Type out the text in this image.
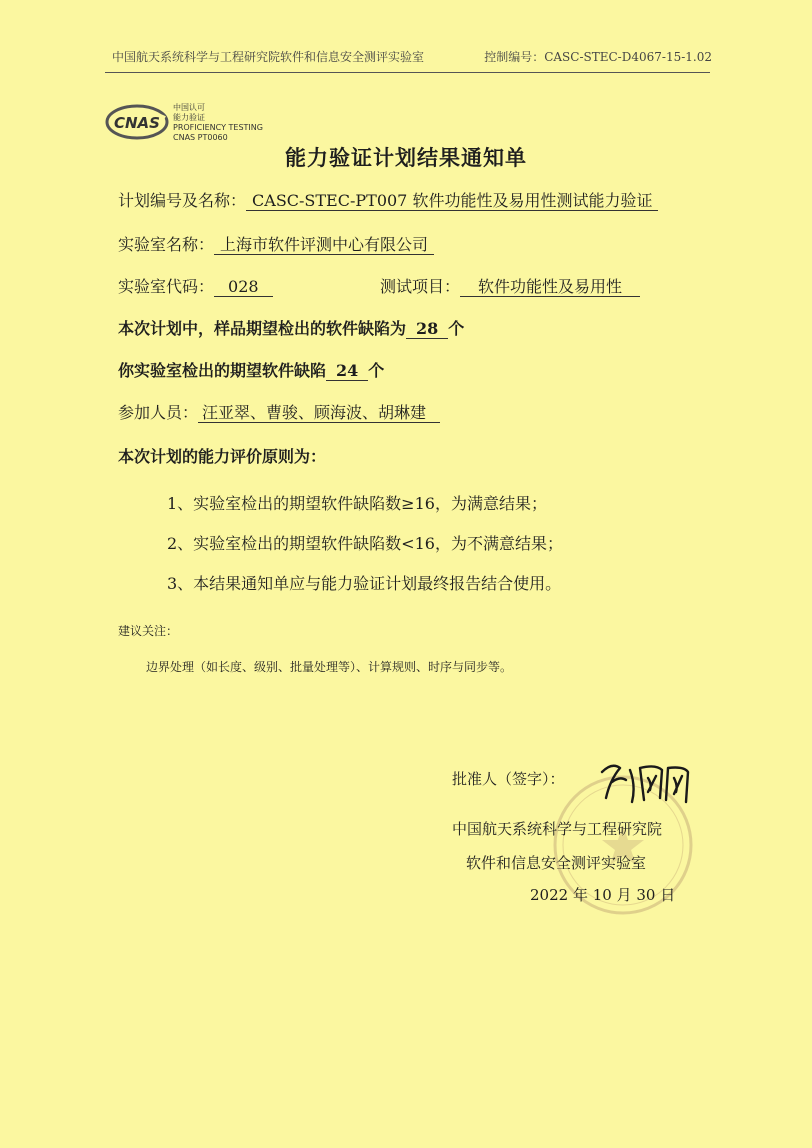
中国航天系统科学与工程研究院软件和信息安全测评实验室	控制编号：CASC-STEC-D4067-15-1.02
CNAS
中国认可
能力验证
PROFICIENCY TESTING
CNAS PT0060
能力验证计划结果通知单
计划编号及名称： CASC-STEC-PT007 软件功能性及易用性测试能力验证
实验室名称： 上海市软件评测中心有限公司
实验室代码： 028	测试项目： 软件功能性及易用性
本次计划中，样品期望检出的软件缺陷为 28 个
你实验室检出的期望软件缺陷 24 个
参加人员： 汪亚翠、曹骏、顾海波、胡琳建
本次计划的能力评价原则为：
1、实验室检出的期望软件缺陷数≥16，为满意结果；
2、实验室检出的期望软件缺陷数<16，为不满意结果；
3、本结果通知单应与能力验证计划最终报告结合使用。
建议关注：
边界处理（如长度、级别、批量处理等）、计算规则、时序与同步等。
批准人（签字）：
中国航天系统科学与工程研究院
软件和信息安全测评实验室
2022 年 10 月 30 日
